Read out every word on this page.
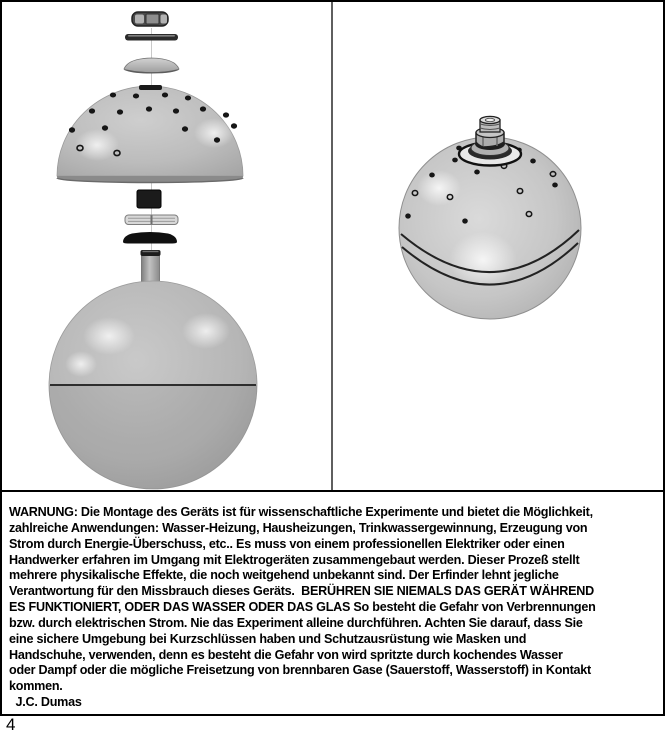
WARNUNG: Die Montage des Geräts ist für wissenschaftliche Experimente und bietet die Möglichkeit,
zahlreiche Anwendungen: Wasser-Heizung, Hausheizungen, Trinkwassergewinnung, Erzeugung von
Strom durch Energie-Überschuss, etc.. Es muss von einem professionellen Elektriker oder einen
Handwerker erfahren im Umgang mit Elektrogeräten zusammengebaut werden. Dieser Prozeß stellt
mehrere physikalische Effekte, die noch weitgehend unbekannt sind. Der Erfinder lehnt jegliche
Verantwortung für den Missbrauch dieses Geräts.  BERÜHREN SIE NIEMALS DAS GERÄT WÄHREND
ES FUNKTIONIERT, ODER DAS WASSER ODER DAS GLAS So besteht die Gefahr von Verbrennungen
bzw. durch elektrischen Strom. Nie das Experiment alleine durchführen. Achten Sie darauf, dass Sie
eine sichere Umgebung bei Kurzschlüssen haben und Schutzausrüstung wie Masken und
Handschuhe, verwenden, denn es besteht die Gefahr von wird spritzte durch kochendes Wasser
oder Dampf oder die mögliche Freisetzung von brennbaren Gase (Sauerstoff, Wasserstoff) in Kontakt
kommen.
J.C. Dumas
4
